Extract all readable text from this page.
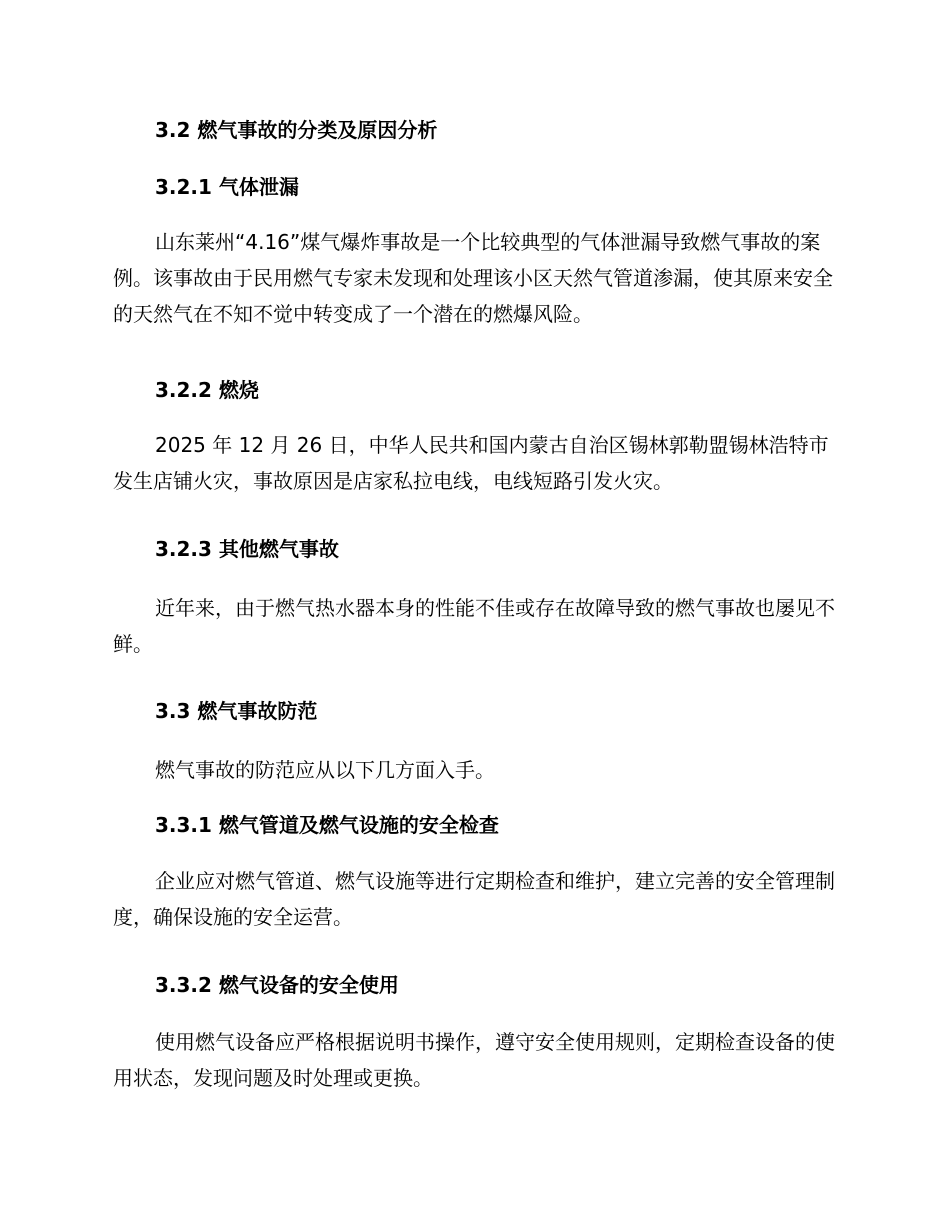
3.2 燃气事故的分类及原因分析
3.2.1 气体泄漏
山东莱州“4.16”煤气爆炸事故是一个比较典型的气体泄漏导致燃气事故的案例。该事故由于民用燃气专家未发现和处理该小区天然气管道渗漏，使其原来安全的天然气在不知不觉中转变成了一个潜在的燃爆风险。
3.2.2 燃烧
2025 年 12 月 26 日，中华人民共和国内蒙古自治区锡林郭勒盟锡林浩特市发生店铺火灾，事故原因是店家私拉电线，电线短路引发火灾。
3.2.3 其他燃气事故
近年来，由于燃气热水器本身的性能不佳或存在故障导致的燃气事故也屡见不鲜。
3.3 燃气事故防范
燃气事故的防范应从以下几方面入手。
3.3.1 燃气管道及燃气设施的安全检查
企业应对燃气管道、燃气设施等进行定期检查和维护，建立完善的安全管理制度，确保设施的安全运营。
3.3.2 燃气设备的安全使用
使用燃气设备应严格根据说明书操作，遵守安全使用规则，定期检查设备的使用状态，发现问题及时处理或更换。
